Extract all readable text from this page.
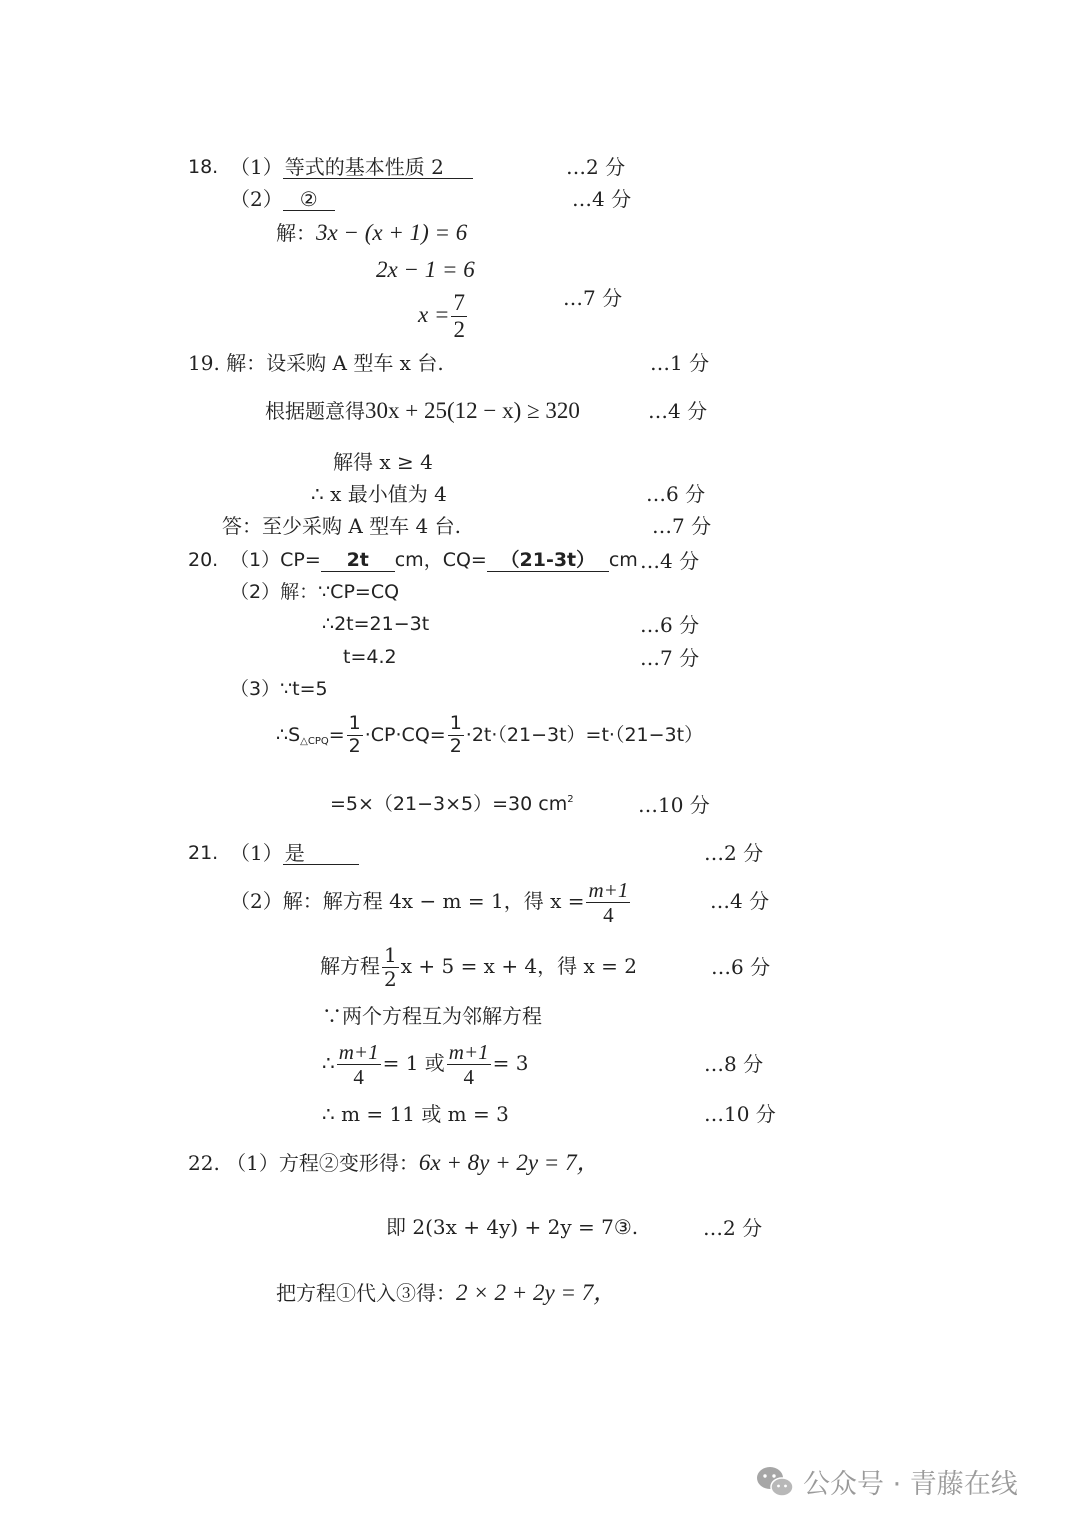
18. （1） 等式的基本性质 2	…2 分
（2） ②	…4 分
解：3x − (x + 1) = 6
2x − 1 = 6
$x = \frac{7}{2}$	…7 分
19. 解：设采购 A 型车 x 台.	…1 分
根据题意得30x + 25(12 − x) ≥ 320	…4 分
解得 x ≥ 4
∴ x 最小值为 4	…6 分
答：至少采购 A 型车 4 台.	…7 分
20. （1）CP= 2t cm，CQ= （21-3t） cm …4 分
（2）解：∵CP=CQ
∴2t=21−3t	…6 分
t=4.2	…7 分
（3）∵t=5
$\therefore S_{\triangle CPQ}= \frac{1}{2} \cdot CP\cdot CQ= \frac{1}{2} \cdot 2t\cdot(21-3t)=t\cdot(21-3t)$
=5×（21−3×5）=30 $cm^2$	…10 分
21. （1） 是	…2 分
（2）解：解方程 4x − m = 1，得 $x = \frac{m+1}{4}$	…4 分
解方程 $\frac{1}{2}$ x + 5 = x + 4，得 x = 2	…6 分
∵两个方程互为邻解方程
∴ $\frac{m+1}{4} = 1$ 或 $\frac{m+1}{4} = 3$	…8 分
∴ m = 11 或 m = 3	…10 分
22. （1）方程②变形得：6x + 8y + 2y = 7，
即 2(3x + 4y) + 2y = 7③.	…2 分
把方程①代入③得：2 × 2 + 2y = 7，
公众号 · 青藤在线
